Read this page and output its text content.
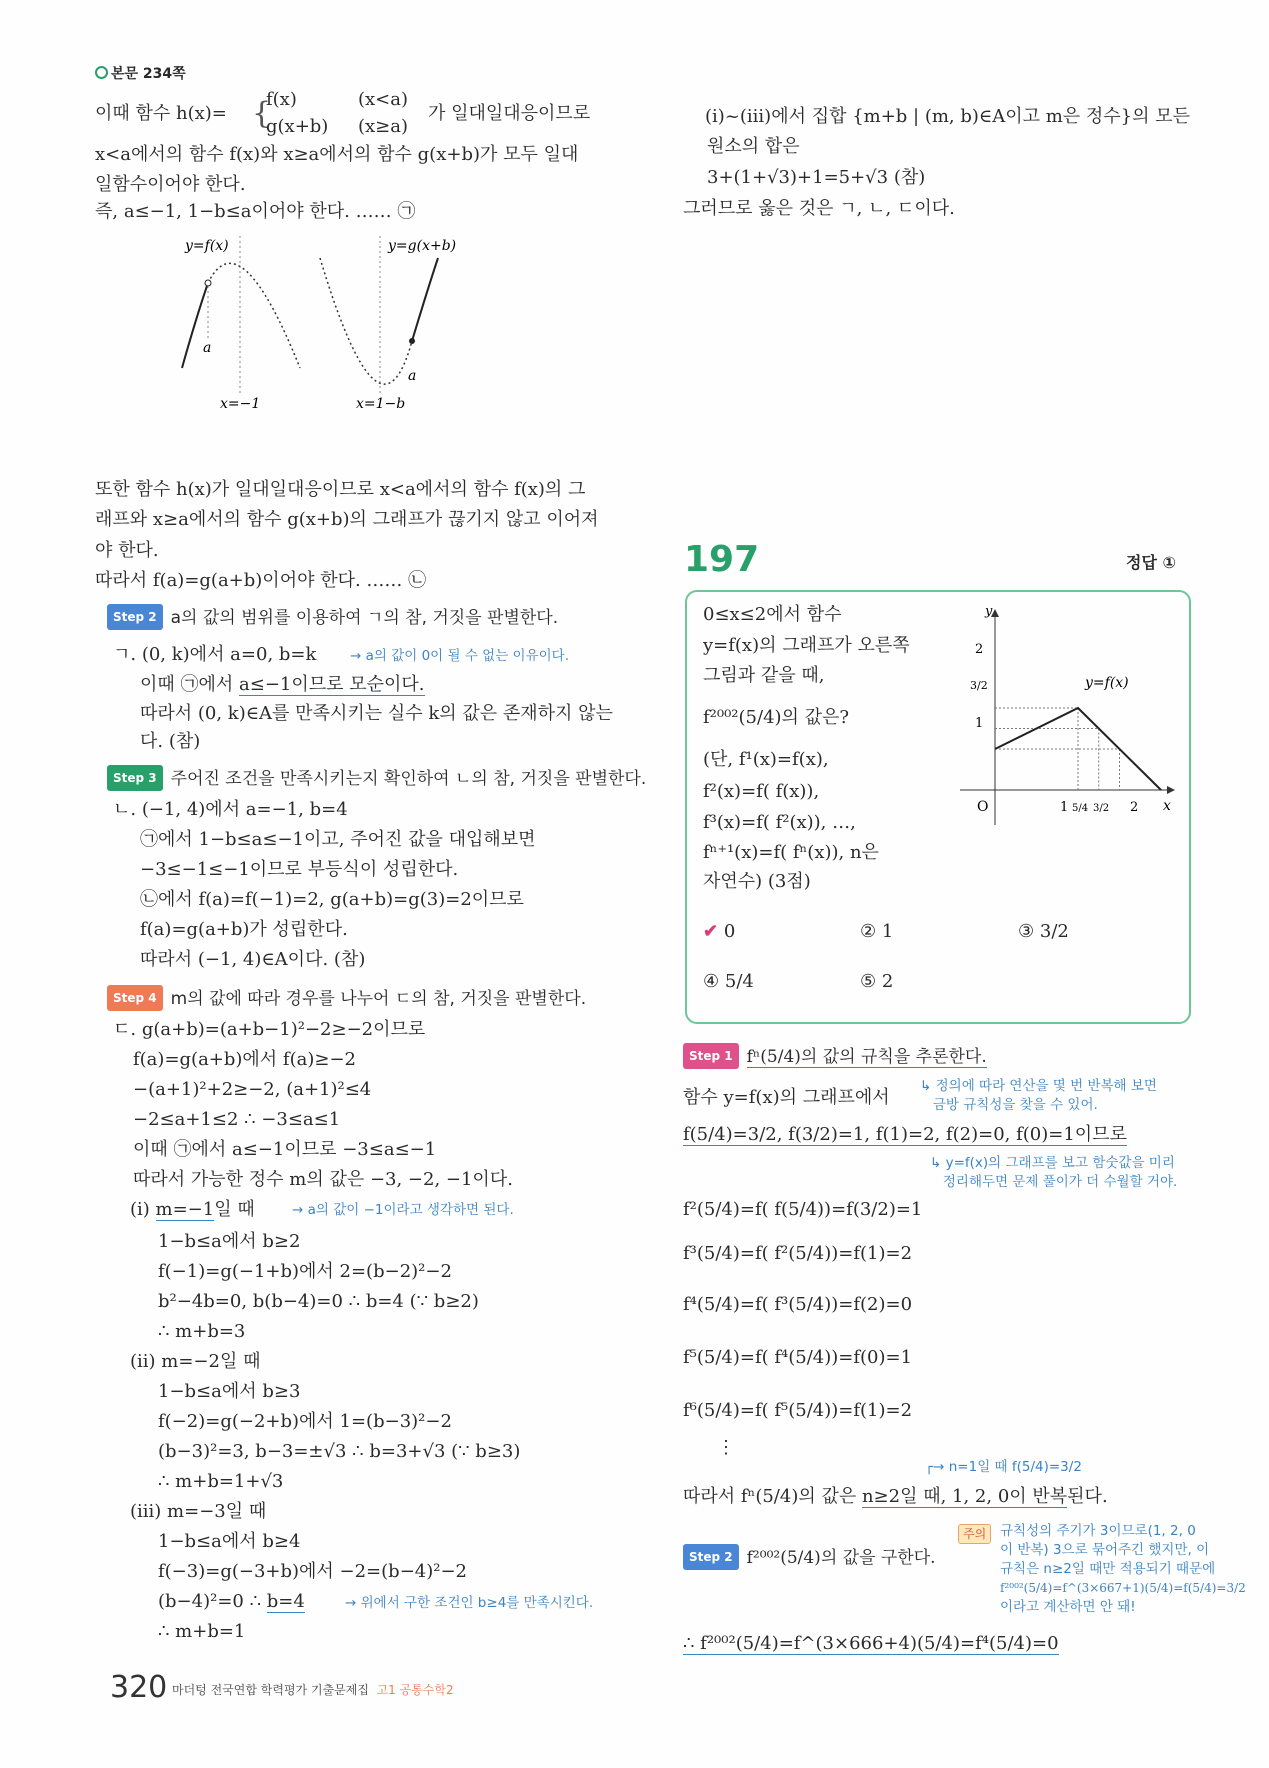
본문 234쪽
이때 함수 h(x)= {
f(x)	(x<a)
g(x+b) (x≥a)
가 일대일대응이므로
x<a에서의 함수 f(x)와 x≥a에서의 함수 g(x+b)가 모두 일대
일함수이어야 한다.
즉, a≤−1, 1−b≤a이어야 한다. …… ㉠
y=f(x)	y=g(x+b)
a
a
x=−1	x=1−b
또한 함수 h(x)가 일대일대응이므로 x<a에서의 함수 f(x)의 그
래프와 x≥a에서의 함수 g(x+b)의 그래프가 끊기지 않고 이어져
야 한다.
따라서 f(a)=g(a+b)이어야 한다. …… ㉡
Step 2 a의 값의 범위를 이용하여 ㄱ의 참, 거짓을 판별한다.
ㄱ. (0, k)에서 a=0, b=k → a의 값이 0이 될 수 없는 이유이다.
이때 ㉠에서 a≤−1이므로 모순이다.
따라서 (0, k)∈A를 만족시키는 실수 k의 값은 존재하지 않는
다. (참)
Step 3 주어진 조건을 만족시키는지 확인하여 ㄴ의 참, 거짓을 판별한다.
ㄴ. (−1, 4)에서 a=−1, b=4
㉠에서 1−b≤a≤−1이고, 주어진 값을 대입해보면
−3≤−1≤−1이므로 부등식이 성립한다.
㉡에서 f(a)=f(−1)=2, g(a+b)=g(3)=2이므로
f(a)=g(a+b)가 성립한다.
따라서 (−1, 4)∈A이다. (참)
Step 4 m의 값에 따라 경우를 나누어 ㄷ의 참, 거짓을 판별한다.
ㄷ. g(a+b)=(a+b−1)²−2≥−2이므로
f(a)=g(a+b)에서 f(a)≥−2
−(a+1)²+2≥−2, (a+1)²≤4
−2≤a+1≤2 ∴ −3≤a≤1
이때 ㉠에서 a≤−1이므로 −3≤a≤−1
따라서 가능한 정수 m의 값은 −3, −2, −1이다.
(i) m=−1일 때	→ a의 값이 −1이라고 생각하면 된다.
1−b≤a에서 b≥2
f(−1)=g(−1+b)에서 2=(b−2)²−2
b²−4b=0, b(b−4)=0 ∴ b=4 (∵ b≥2)
∴ m+b=3
(ii) m=−2일 때
1−b≤a에서 b≥3
f(−2)=g(−2+b)에서 1=(b−3)²−2
(b−3)²=3, b−3=±√3 ∴ b=3+√3 (∵ b≥3)
∴ m+b=1+√3
(iii) m=−3일 때
1−b≤a에서 b≥4
f(−3)=g(−3+b)에서 −2=(b−4)²−2
(b−4)²=0 ∴ b=4	→ 위에서 구한 조건인 b≥4를 만족시킨다.
∴ m+b=1
320 마더텅 전국연합 학력평가 기출문제집 고1 공통수학2
(i)~(iii)에서 집합 {m+b | (m, b)∈A이고 m은 정수}의 모든
원소의 합은
3+(1+√3)+1=5+√3 (참)
그러므로 옳은 것은 ㄱ, ㄴ, ㄷ이다.
197	정답 ①
0≤x≤2에서 함수
y=f(x)의 그래프가 오른쪽
그림과 같을 때,
f²⁰⁰²(5/4)의 값은?
(단, f¹(x)=f(x),
f²(x)=f( f(x)),
f³(x)=f( f²(x)), …,
fⁿ⁺¹(x)=f( fⁿ(x)), n은
자연수) (3점)
✔ 0	② 1	③ 3/2
④ 5/4	⑤ 2
y
x
O
y=f(x)
2
3/2
1
1 5/4 3/2 2
Step 1 fⁿ(5/4)의 값의 규칙을 추론한다.
함수 y=f(x)의 그래프에서
↳ 정의에 따라 연산을 몇 번 반복해 보면
금방 규칙성을 찾을 수 있어.
f(5/4)=3/2, f(3/2)=1, f(1)=2, f(2)=0, f(0)=1이므로
↳ y=f(x)의 그래프를 보고 함숫값을 미리
정리해두면 문제 풀이가 더 수월할 거야.
f²(5/4)=f( f(5/4))=f(3/2)=1
f³(5/4)=f( f²(5/4))=f(1)=2
f⁴(5/4)=f( f³(5/4))=f(2)=0
f⁵(5/4)=f( f⁴(5/4))=f(0)=1
f⁶(5/4)=f( f⁵(5/4))=f(1)=2
⋮
┌→ n=1일 때 f(5/4)=3/2
따라서 fⁿ(5/4)의 값은 n≥2일 때, 1, 2, 0이 반복된다.
Step 2 f²⁰⁰²(5/4)의 값을 구한다.
주의	규칙성의 주기가 3이므로(1, 2, 0
이 반복) 3으로 묶어주긴 했지만, 이
규칙은 n≥2일 때만 적용되기 때문에
f²⁰⁰²(5/4)=f^(3×667+1)(5/4)=f(5/4)=3/2
이라고 계산하면 안 돼!
∴ f²⁰⁰²(5/4)=f^(3×666+4)(5/4)=f⁴(5/4)=0
